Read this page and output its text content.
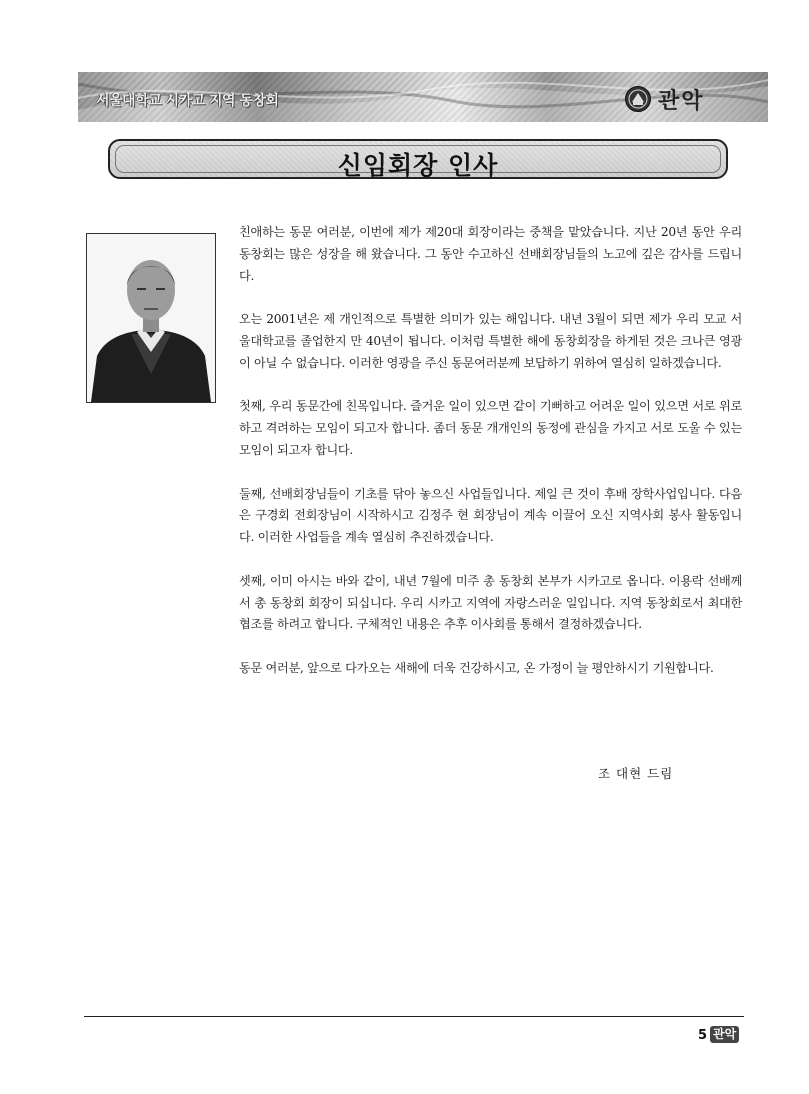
서울대학교 시카고 지역 동창회	관악
신임회장 인사

친애하는 동문 여러분, 이번에 제가 제20대 회장이라는 중책을 맡았습니다. 지난 20년 동안 우리 동창회는 많은 성장을 해 왔습니다. 그 동안 수고하신 선배회장님들의 노고에 깊은 감사를 드립니다.

오는 2001년은 제 개인적으로 특별한 의미가 있는 해입니다. 내년 3월이 되면 제가 우리 모교 서울대학교를 졸업한지 만 40년이 됩니다. 이처럼 특별한 해에 동창회장을 하게된 것은 크나큰 영광이 아닐 수 없습니다. 이러한 영광을 주신 동문여러분께 보답하기 위하여 열심히 일하겠습니다.

첫째, 우리 동문간에 친목입니다. 즐거운 일이 있으면 같이 기뻐하고 어려운 일이 있으면 서로 위로하고 격려하는 모임이 되고자 합니다. 좀더 동문 개개인의 동정에 관심을 가지고 서로 도울 수 있는 모임이 되고자 합니다.

둘째, 선배회장님들이 기초를 닦아 놓으신 사업들입니다. 제일 큰 것이 후배 장학사업입니다. 다음은 구경회 전회장님이 시작하시고 김정주 현 회장님이 계속 이끌어 오신 지역사회 봉사 활동입니다. 이러한 사업들을 계속 열심히 추진하겠습니다.

셋째, 이미 아시는 바와 같이, 내년 7월에 미주 총 동창회 본부가 시카고로 옵니다. 이용락 선배께서 총 동창회 회장이 되십니다. 우리 시카고 지역에 자랑스러운 일입니다. 지역 동창회로서 최대한 협조를 하려고 합니다. 구체적인 내용은 추후 이사회를 통해서 결정하겠습니다.

동문 여러분, 앞으로 다가오는 새해에 더욱 건강하시고, 온 가정이 늘 평안하시기 기원합니다.

조 대현 드림
5 관악
